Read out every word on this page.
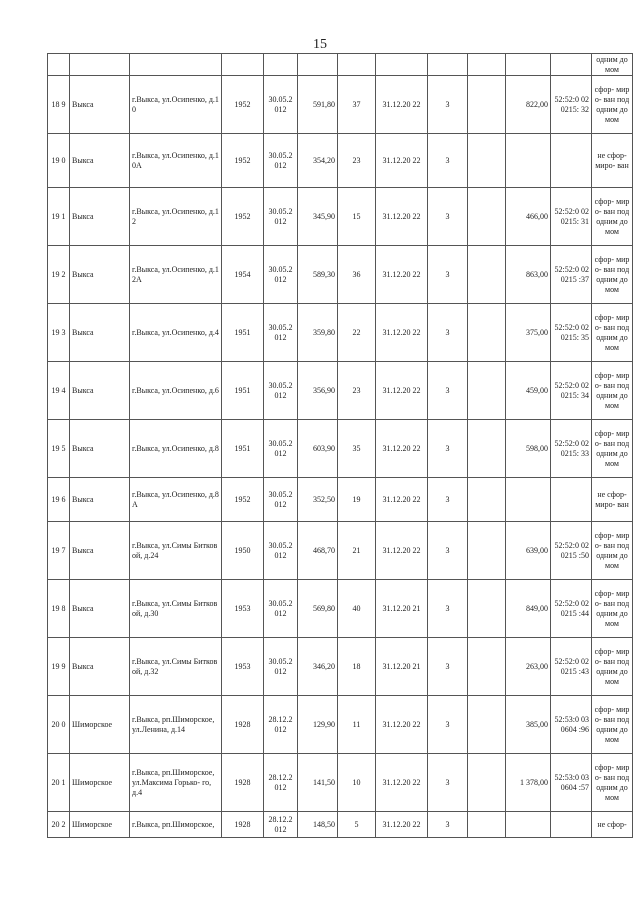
15
												одним домом
18 9	Выкса	г.Выкса, ул.Осипенко, д.10	1952	30.05.2 012	591,80	37	31.12.20 22	3		822,00	52:52:0 020215: 32	сфор- миро- ван под одним домом
19 0	Выкса	г.Выкса, ул.Осипенко, д.10А	1952	30.05.2 012	354,20	23	31.12.20 22	3				не сфор- миро- ван
19 1	Выкса	г.Выкса, ул.Осипенко, д.12	1952	30.05.2 012	345,90	15	31.12.20 22	3		466,00	52:52:0 020215: 31	сфор- миро- ван под одним домом
19 2	Выкса	г.Выкса, ул.Осипенко, д.12А	1954	30.05.2 012	589,30	36	31.12.20 22	3		863,00	52:52:0 020215 :37	сфор- миро- ван под одним домом
19 3	Выкса	г.Выкса, ул.Осипенко, д.4	1951	30.05.2 012	359,80	22	31.12.20 22	3		375,00	52:52:0 020215: 35	сфор- миро- ван под одним домом
19 4	Выкса	г.Выкса, ул.Осипенко, д.6	1951	30.05.2 012	356,90	23	31.12.20 22	3		459,00	52:52:0 020215: 34	сфор- миро- ван под одним домом
19 5	Выкса	г.Выкса, ул.Осипенко, д.8	1951	30.05.2 012	603,90	35	31.12.20 22	3		598,00	52:52:0 020215: 33	сфор- миро- ван под одним домом
19 6	Выкса	г.Выкса, ул.Осипенко, д.8А	1952	30.05.2 012	352,50	19	31.12.20 22	3				не сфор- миро- ван
19 7	Выкса	г.Выкса, ул.Симы Битковой, д.24	1950	30.05.2 012	468,70	21	31.12.20 22	3		639,00	52:52:0 020215 :50	сфор- миро- ван под одним домом
19 8	Выкса	г.Выкса, ул.Симы Битковой, д.30	1953	30.05.2 012	569,80	40	31.12.20 21	3		849,00	52:52:0 020215 :44	сфор- миро- ван под одним домом
19 9	Выкса	г.Выкса, ул.Симы Битковой, д.32	1953	30.05.2 012	346,20	18	31.12.20 21	3		263,00	52:52:0 020215 :43	сфор- миро- ван под одним домом
20 0	Шиморское	г.Выкса, рп.Шиморское, ул.Ленина, д.14	1928	28.12.2 012	129,90	11	31.12.20 22	3		385,00	52:53:0 030604 :96	сфор- миро- ван под одним домом
20 1	Шиморское	г.Выкса, рп.Шиморское, ул.Максима Горько- го, д.4	1928	28.12.2 012	141,50	10	31.12.20 22	3		1 378,00	52:53:0 030604 :57	сфор- миро- ван под одним домом
20 2	Шиморское	г.Выкса, рп.Шиморское,	1928	28.12.2 012	148,50	5	31.12.20 22	3				не сфор-
